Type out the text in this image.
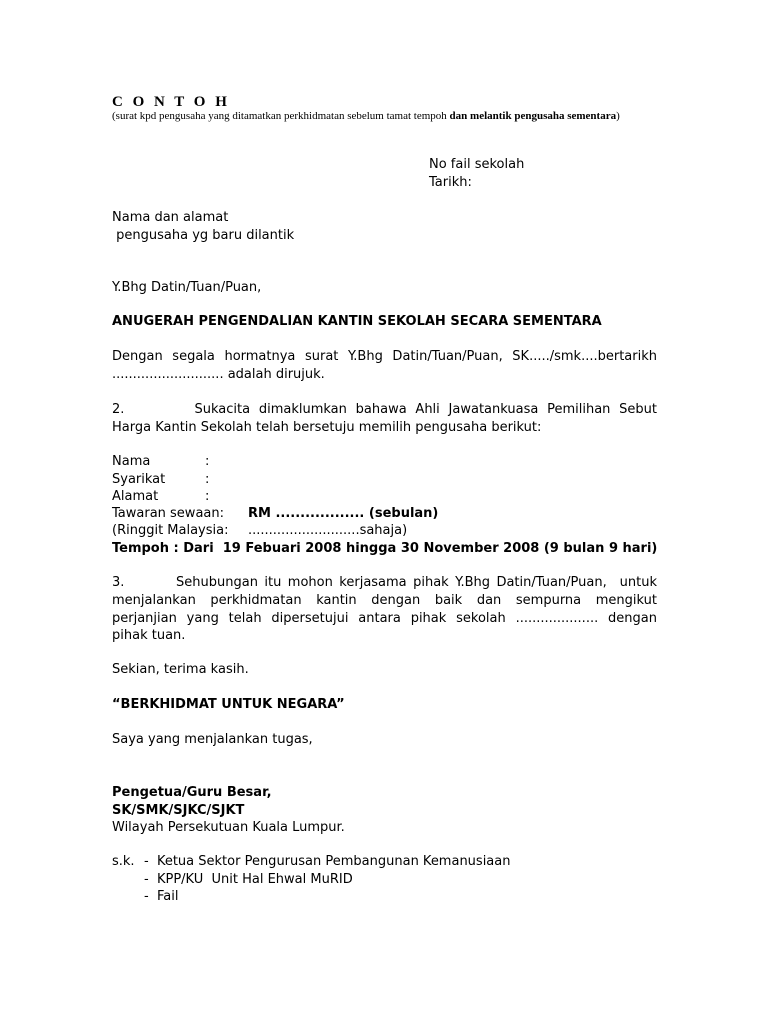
C O N T O H
(surat kpd pengusaha yang ditamatkan perkhidmatan sebelum tamat tempoh dan melantik pengusaha sementara)
No fail sekolah
Tarikh:
Nama dan alamat
pengusaha yg baru dilantik
Y.Bhg Datin/Tuan/Puan,
ANUGERAH PENGENDALIAN KANTIN SEKOLAH SECARA SEMENTARA
Dengan segala hormatnya surat Y.Bhg Datin/Tuan/Puan, SK...../smk....bertarikh
........................... adalah dirujuk.
2.        Sukacita dimaklumkan bahawa Ahli Jawatankuasa Pemilihan Sebut
Harga Kantin Sekolah telah bersetuju memilih pengusaha berikut:
Nama	:
Syarikat	:
Alamat	:
Tawaran sewaan: RM .................. (sebulan)
(Ringgit Malaysia: ...........................sahaja)
Tempoh : Dari  19 Febuari 2008 hingga 30 November 2008 (9 bulan 9 hari)
3.        Sehubungan itu mohon kerjasama pihak Y.Bhg Datin/Tuan/Puan,  untuk
menjalankan perkhidmatan kantin dengan baik dan sempurna mengikut
perjanjian yang telah dipersetujui antara pihak sekolah .................... dengan
pihak tuan.
Sekian, terima kasih.
“BERKHIDMAT UNTUK NEGARA”
Saya yang menjalankan tugas,
Pengetua/Guru Besar,
SK/SMK/SJKC/SJKT
Wilayah Persekutuan Kuala Lumpur.
s.k. -  Ketua Sektor Pengurusan Pembangunan Kemanusiaan
-  KPP/KU  Unit Hal Ehwal MuRID
-  Fail
